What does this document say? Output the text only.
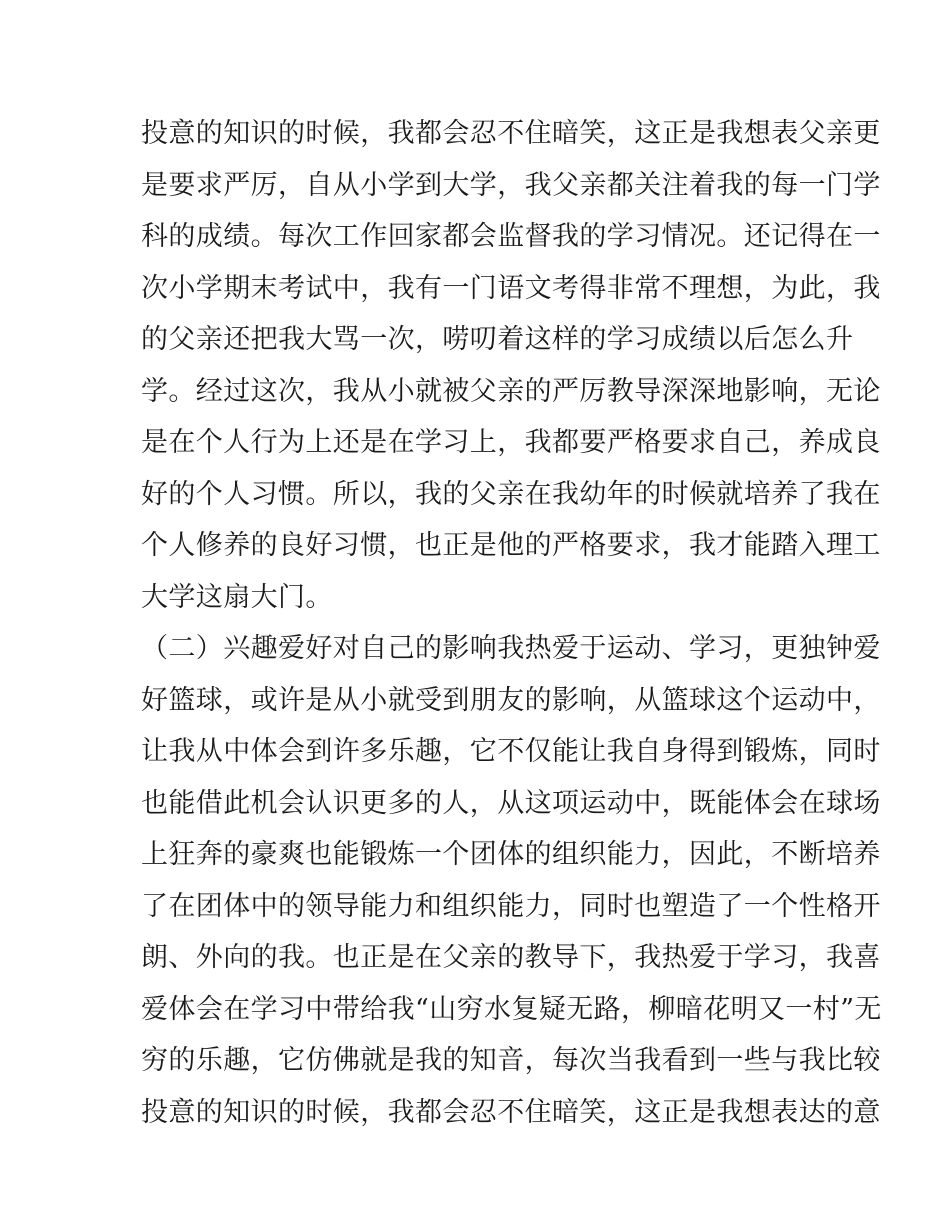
投意的知识的时候，我都会忍不住暗笑，这正是我想表父亲更
是要求严厉，自从小学到大学，我父亲都关注着我的每一门学
科的成绩。每次工作回家都会监督我的学习情况。还记得在一
次小学期末考试中，我有一门语文考得非常不理想，为此，我
的父亲还把我大骂一次，唠叨着这样的学习成绩以后怎么升
学。经过这次，我从小就被父亲的严厉教导深深地影响，无论
是在个人行为上还是在学习上，我都要严格要求自己，养成良
好的个人习惯。所以，我的父亲在我幼年的时候就培养了我在
个人修养的良好习惯，也正是他的严格要求，我才能踏入理工
大学这扇大门。
（二）兴趣爱好对自己的影响我热爱于运动、学习，更独钟爱
好篮球，或许是从小就受到朋友的影响，从篮球这个运动中，
让我从中体会到许多乐趣，它不仅能让我自身得到锻炼，同时
也能借此机会认识更多的人，从这项运动中，既能体会在球场
上狂奔的豪爽也能锻炼一个团体的组织能力，因此，不断培养
了在团体中的领导能力和组织能力，同时也塑造了一个性格开
朗、外向的我。也正是在父亲的教导下，我热爱于学习，我喜
爱体会在学习中带给我“山穷水复疑无路，柳暗花明又一村”无
穷的乐趣，它仿佛就是我的知音，每次当我看到一些与我比较
投意的知识的时候，我都会忍不住暗笑，这正是我想表达的意
